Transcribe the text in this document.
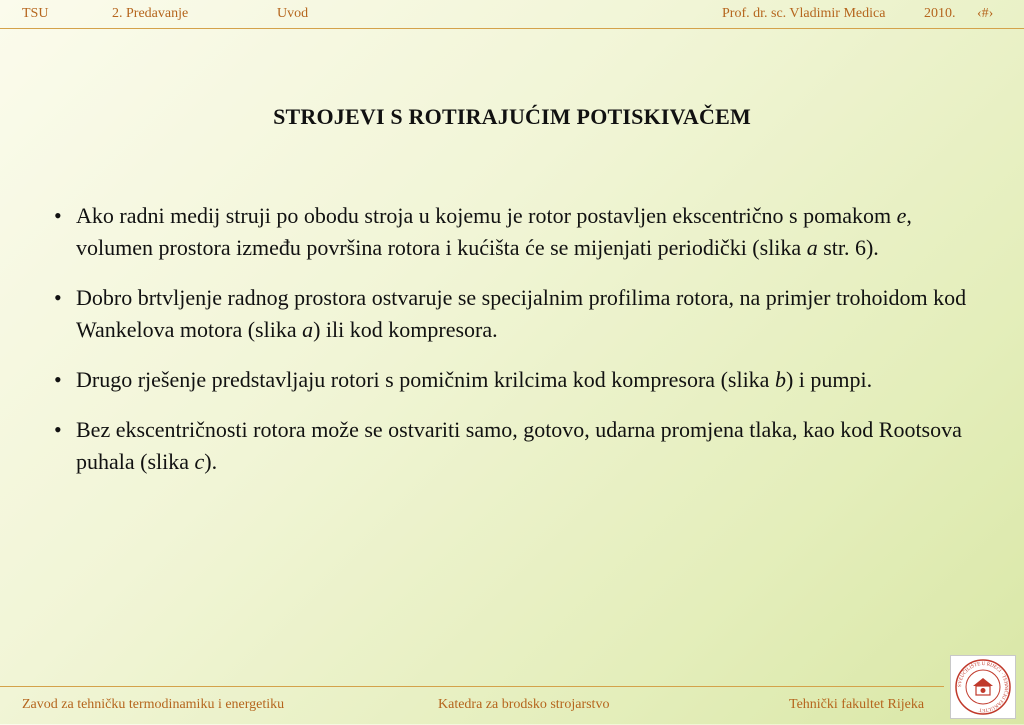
TSU	2. Predavanje	Uvod	Prof. dr. sc. Vladimir Medica	2010. ‹#›
STROJEVI S ROTIRAJUĆIM POTISKIVAČEM
• Ako radni medij struji po obodu stroja u kojemu je rotor postavljen ekscentrično s pomakom e, volumen prostora između površina rotora i kućišta će se mijenjati periodički (slika a str. 6).
• Dobro brtvljenje radnog prostora ostvaruje se specijalnim profilima rotora, na primjer trohoidom kod Wankelova motora (slika a) ili kod kompresora.
• Drugo rješenje predstavljaju rotori s pomičnim krilcima kod kompresora (slika b) i pumpi.
• Bez ekscentričnosti rotora može se ostvariti samo, gotovo, udarna promjena tlaka, kao kod Rootsova puhala (slika c).
Zavod za tehničku termodinamiku i energetiku	Katedra za brodsko strojarstvo	Tehnički fakultet Rijeka
SVEUČILIŠTE U RIJECI · TEHNIČKI FAKULTET
